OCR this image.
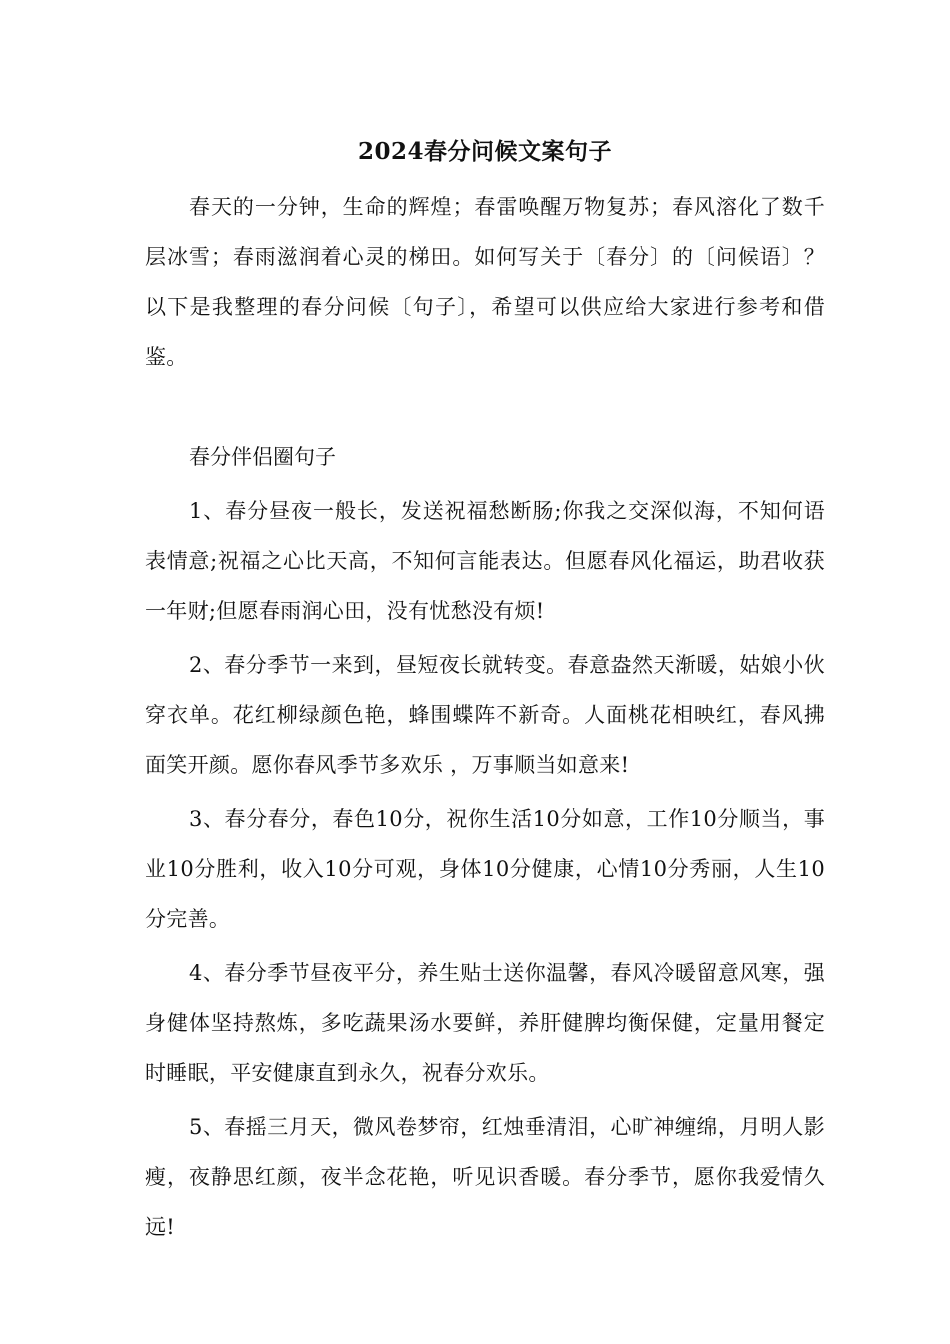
2024春分问候文案句子

春天的一分钟，生命的辉煌；春雷唤醒万物复苏；春风溶化了数千层冰雪；春雨滋润着心灵的梯田。如何写关于〔春分〕的〔问候语〕？ 以下是我整理的春分问候〔句子〕，希望可以供应给大家进行参考和借鉴。

春分伴侣圈句子

1、春分昼夜一般长，发送祝福愁断肠;你我之交深似海，不知何语表情意;祝福之心比天高，不知何言能表达。但愿春风化福运，助君收获一年财;但愿春雨润心田，没有忧愁没有烦!

2、春分季节一来到，昼短夜长就转变。春意盎然天渐暖，姑娘小伙穿衣单。花红柳绿颜色艳，蜂围蝶阵不新奇。人面桃花相映红，春风拂面笑开颜。愿你春风季节多欢乐 ，万事顺当如意来!

3、春分春分，春色10分，祝你生活10分如意，工作10分顺当，事业10分胜利，收入10分可观，身体10分健康，心情10分秀丽，人生10分完善。

4、春分季节昼夜平分，养生贴士送你温馨，春风冷暖留意风寒，强身健体坚持熬炼，多吃蔬果汤水要鲜，养肝健脾均衡保健，定量用餐定时睡眠，平安健康直到永久，祝春分欢乐。

5、春摇三月天，微风卷梦帘，红烛垂清泪，心旷神缠绵，月明人影瘦，夜静思红颜，夜半念花艳，听见识香暖。春分季节，愿你我爱情久远!
